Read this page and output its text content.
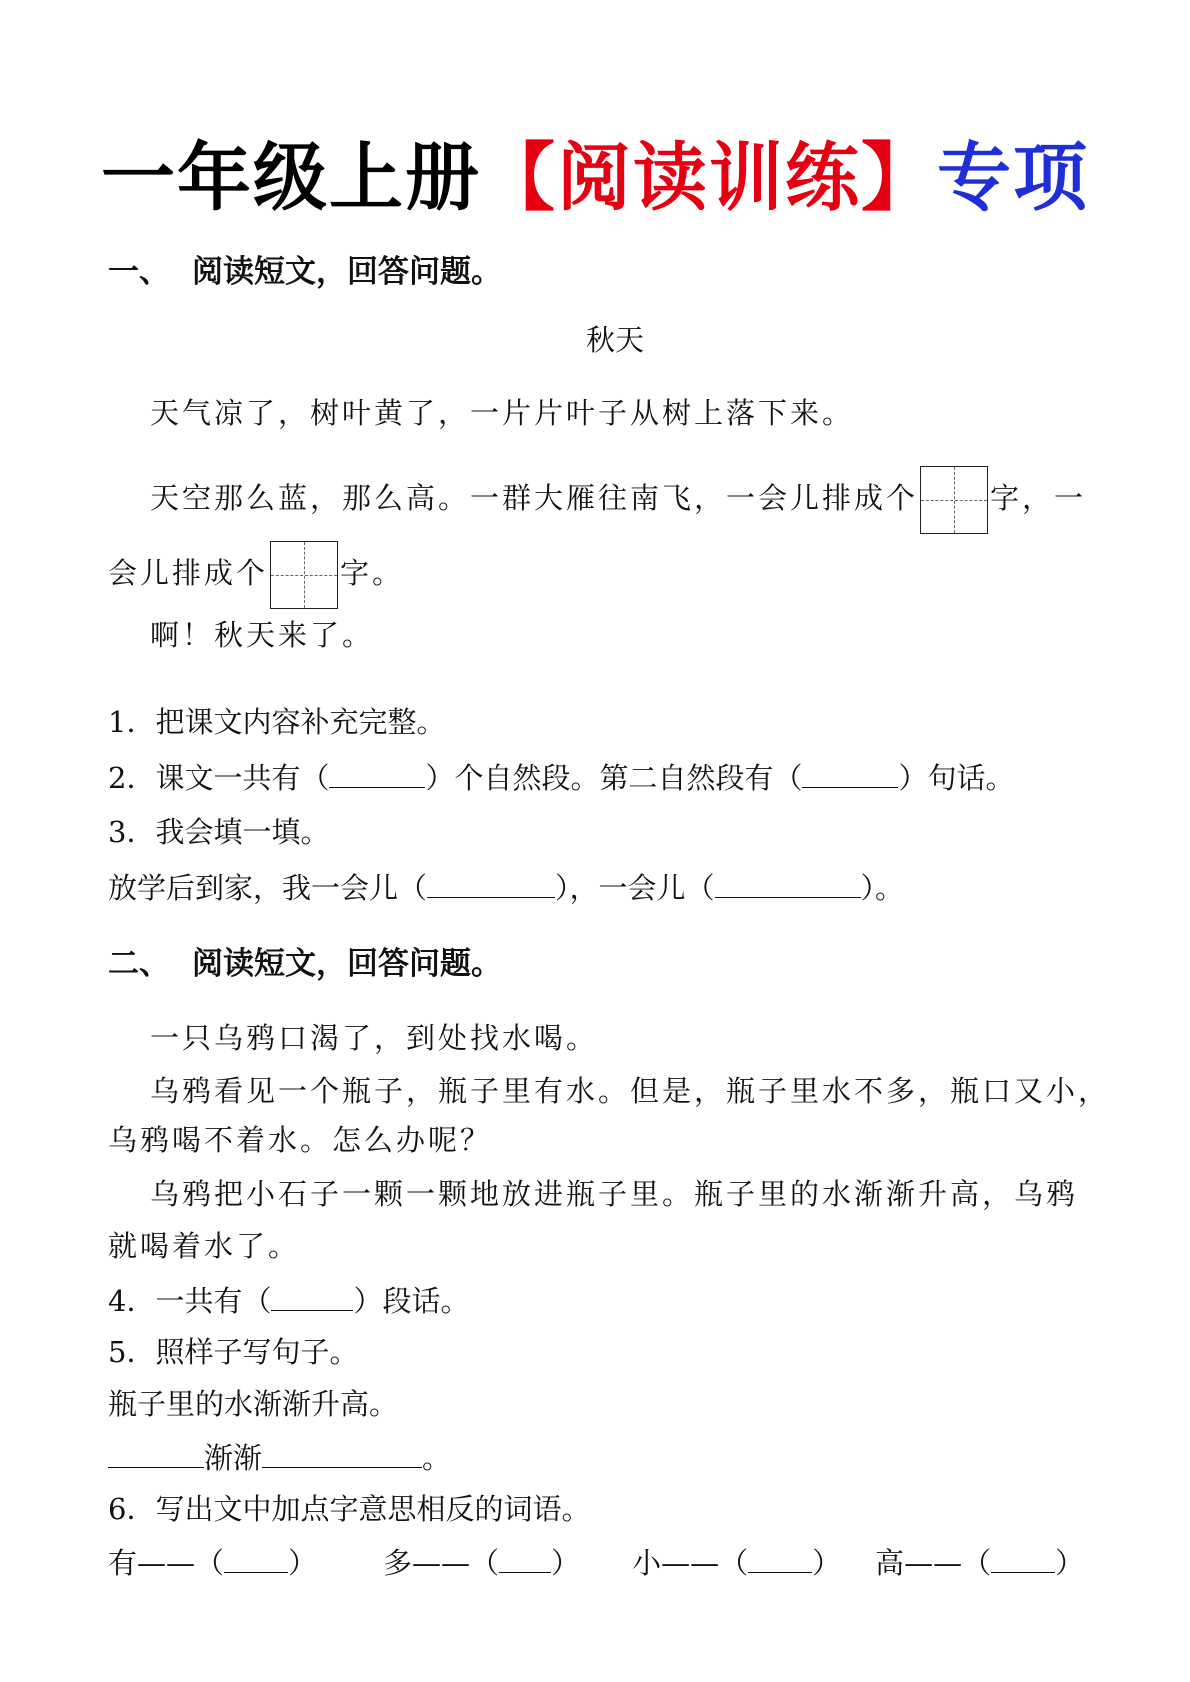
一年级上册【阅读训练】专项
一、 阅读短文，回答问题。
秋天
天气凉了，树叶黄了，一片片叶子从树上落下来。
天空那么蓝，那么高。一群大雁往南飞，一会儿排成个 字，一
会儿排成个 字。
啊！秋天来了。
1．把课文内容补充完整。
2．课文一共有（	）个自然段。第二自然段有（	）句话。
3．我会填一填。
放学后到家，我一会儿（	），一会儿（	）。
二、 阅读短文，回答问题。
一只乌鸦口渴了，到处找水喝。
乌鸦看见一个瓶子，瓶子里有水。但是，瓶子里水不多，瓶口又小，
乌鸦喝不着水。怎么办呢？
乌鸦把小石子一颗一颗地放进瓶子里。瓶子里的水渐渐升高，乌鸦
就喝着水了。
4．一共有（	）段话。
5．照样子写句子。
瓶子里的水渐渐升高。
渐渐	。
6．写出文中加点字意思相反的词语。
有——（ ） 多——（ ） 小——（ ） 高——（ ）
